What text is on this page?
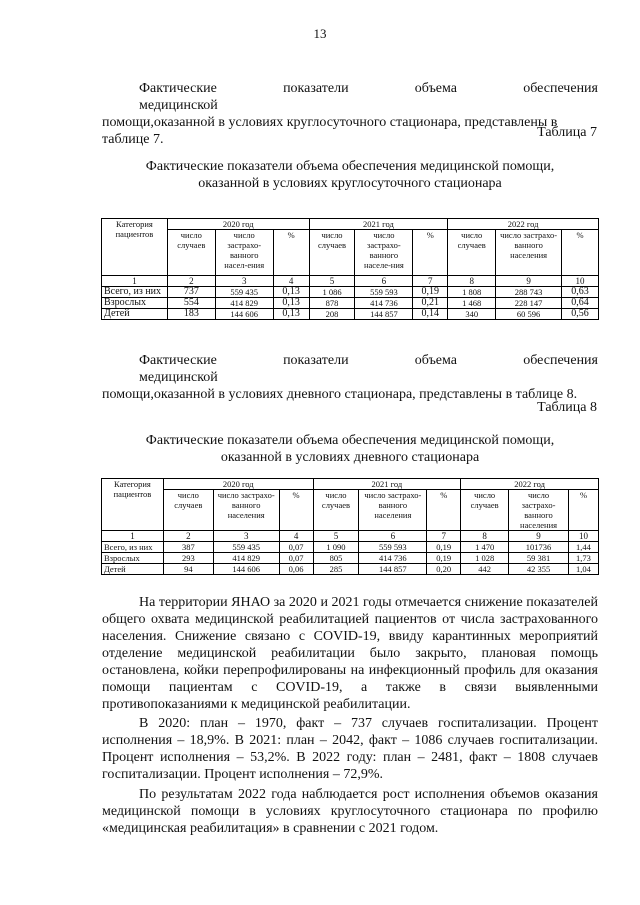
13
Фактические показатели объема обеспечения медицинской
помощи,оказанной в условиях круглосуточного стационара, представлены в
таблице 7.	Таблица 7
Фактические показатели объема обеспечения медицинской помощи,
оказанной в условиях круглосуточного стационара
Категория пациентов	2020 год			2021 год			2022 год		
	число случаев	число застрахо-ванного насел-ения	%	число случаев	число застрахо-ванного населе-ния	%	число случаев	число застрахо-ванного населения	%
1	2	3	4	5	6	7	8	9	10
Всего, из них	737	559 435	0,13	1 086	559 593	0,19	1 808	288 743	0,63
Взрослых	554	414 829	0,13	878	414 736	0,21	1 468	228 147	0,64
Детей	183	144 606	0,13	208	144 857	0,14	340	60 596	0,56
Фактические показатели объема обеспечения медицинской
помощи,оказанной в условиях дневного стационара, представлены в таблице 8.
Таблица 8
Фактические показатели объема обеспечения медицинской помощи,
оказанной в условиях дневного стационара
Категория пациентов	2020 год			2021 год			2022 год		
	число случаев	число застрахо-ванного населения	%	число случаев	число застрахо-ванного населения	%	число случаев	число застрахо-ванного населения	%
1	2	3	4	5	6	7	8	9	10
Всего, из них	387	559 435	0,07	1 090	559 593	0,19	1 470	101736	1,44
Взрослых	293	414 829	0,07	805	414 736	0,19	1 028	59 381	1,73
Детей	94	144 606	0,06	285	144 857	0,20	442	42 355	1,04
На территории ЯНАО за 2020 и 2021 годы отмечается снижение показателей общего охвата медицинской реабилитацией пациентов от числа застрахованного населения. Снижение связано с COVID-19, ввиду карантинных мероприятий отделение медицинской реабилитации было закрыто, плановая помощь остановлена, койки перепрофилированы на инфекционный профиль для оказания помощи пациентам с COVID-19, а также в связи выявленными противопоказаниями к медицинской реабилитации.
В 2020: план – 1970, факт – 737 случаев госпитализации. Процент исполнения – 18,9%. В 2021: план – 2042, факт – 1086 случаев госпитализации. Процент исполнения – 53,2%. В 2022 году: план – 2481, факт – 1808 случаев госпитализации. Процент исполнения – 72,9%.
По результатам 2022 года наблюдается рост исполнения объемов оказания медицинской помощи в условиях круглосуточного стационара по профилю «медицинская реабилитация» в сравнении с 2021 годом.
